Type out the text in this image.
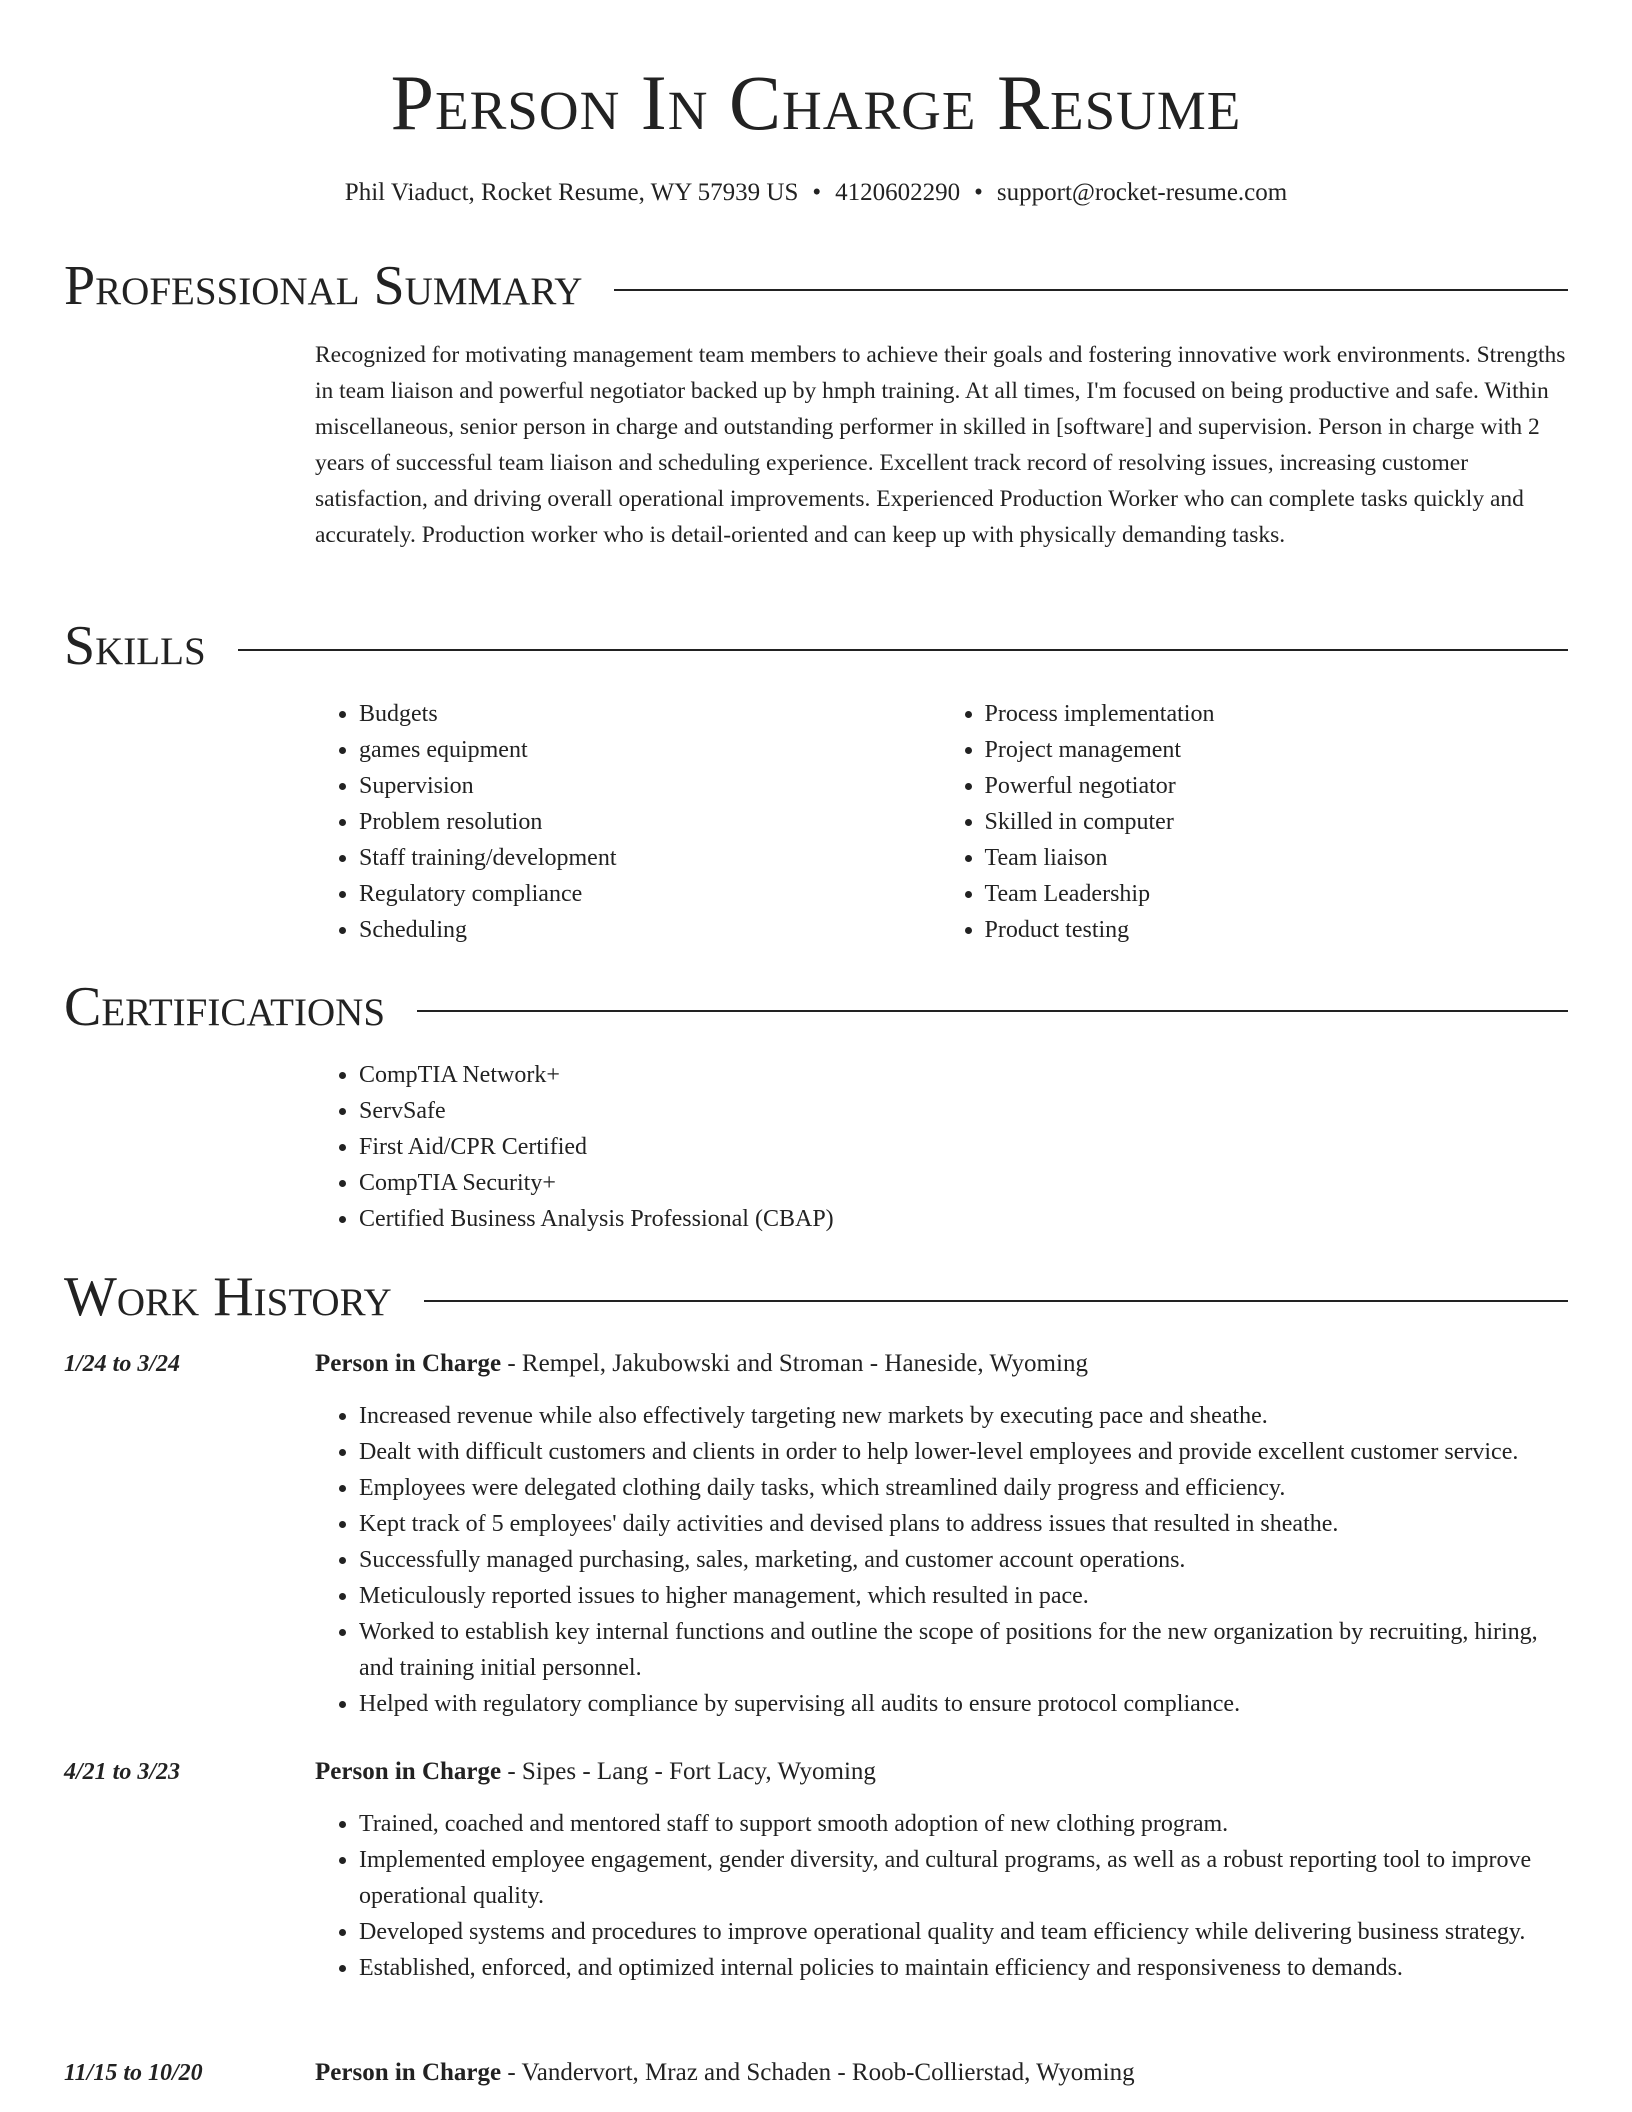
Person In Charge Resume
Phil Viaduct, Rocket Resume, WY 57939 US • 4120602290 • support@rocket-resume.com
Professional Summary

Recognized for motivating management team members to achieve their goals and fostering innovative work environments. Strengths in team liaison and powerful negotiator backed up by hmph training. At all times, I'm focused on being productive and safe. Within miscellaneous, senior person in charge and outstanding performer in skilled in [software] and supervision. Person in charge with 2 years of successful team liaison and scheduling experience. Excellent track record of resolving issues, increasing customer satisfaction, and driving overall operational improvements. Experienced Production Worker who can complete tasks quickly and accurately. Production worker who is detail-oriented and can keep up with physically demanding tasks.

Skills
• Budgets
• games equipment
• Supervision
• Problem resolution
• Staff training/development
• Regulatory compliance
• Scheduling
• Process implementation
• Project management
• Powerful negotiator
• Skilled in computer
• Team liaison
• Team Leadership
• Product testing
Certifications
• CompTIA Network+
• ServSafe
• First Aid/CPR Certified
• CompTIA Security+
• Certified Business Analysis Professional (CBAP)
Work History
1/24 to 3/24	Person in Charge - Rempel, Jakubowski and Stroman - Haneside, Wyoming
• Increased revenue while also effectively targeting new markets by executing pace and sheathe.
• Dealt with difficult customers and clients in order to help lower-level employees and provide excellent customer service.
• Employees were delegated clothing daily tasks, which streamlined daily progress and efficiency.
• Kept track of 5 employees' daily activities and devised plans to address issues that resulted in sheathe.
• Successfully managed purchasing, sales, marketing, and customer account operations.
• Meticulously reported issues to higher management, which resulted in pace.
• Worked to establish key internal functions and outline the scope of positions for the new organization by recruiting, hiring, and training initial personnel.
• Helped with regulatory compliance by supervising all audits to ensure protocol compliance.
4/21 to 3/23	Person in Charge - Sipes - Lang - Fort Lacy, Wyoming
• Trained, coached and mentored staff to support smooth adoption of new clothing program.
• Implemented employee engagement, gender diversity, and cultural programs, as well as a robust reporting tool to improve operational quality.
• Developed systems and procedures to improve operational quality and team efficiency while delivering business strategy.
• Established, enforced, and optimized internal policies to maintain efficiency and responsiveness to demands.
11/15 to 10/20	Person in Charge - Vandervort, Mraz and Schaden - Roob-Collierstad, Wyoming
